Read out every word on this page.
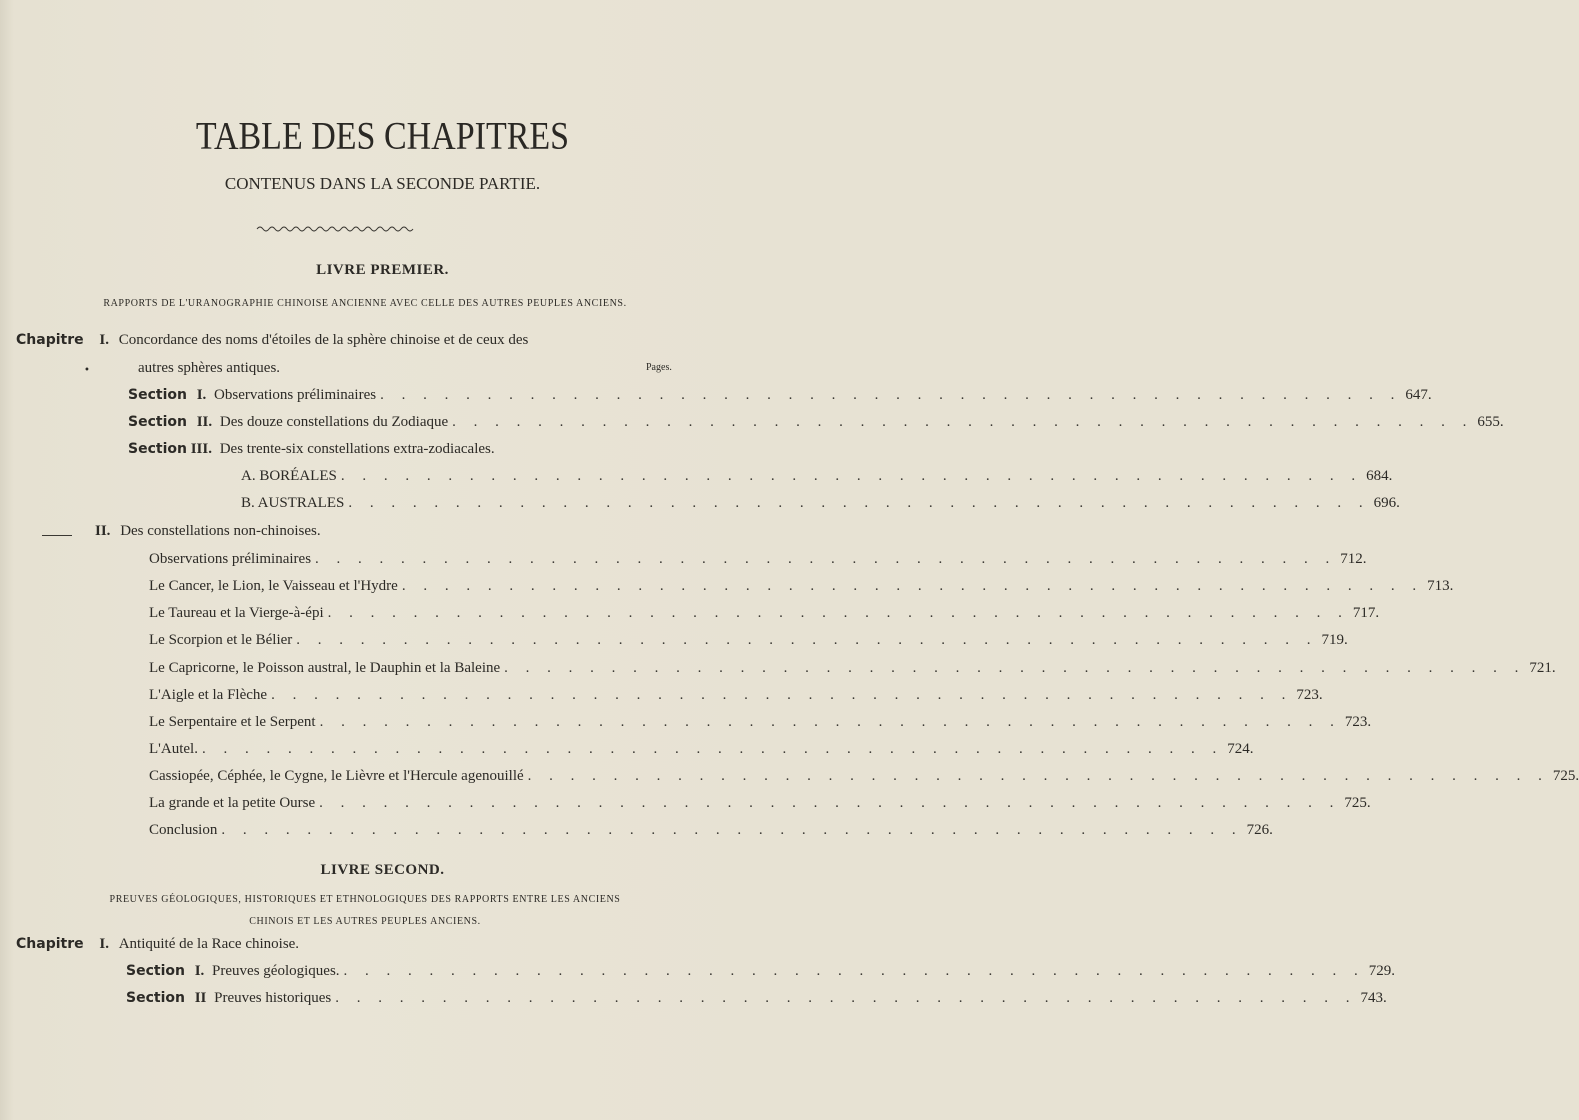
TABLE DES CHAPITRES
CONTENUS DANS LA SECONDE PARTIE.
LIVRE PREMIER.
RAPPORTS DE L'URANOGRAPHIE CHINOISE ANCIENNE AVEC CELLE DES AUTRES PEUPLES ANCIENS.
Chapitre I. Concordance des noms d'étoiles de la sphère chinoise et de ceux des
autres sphères antiques.
•	Pages.
Section I. Observations préliminaires . . . . . . . . . . . . . . . . . . . . . . . . . . . . . . . . . . . . . . . . . . . . . . . . 647.
Section II. Des douze constellations du Zodiaque . . . . . . . . . . . . . . . . . . . . . . . . . . . . . . . . . . . . . . . . . . . . . . . . 655.
Section III. Des trente-six constellations extra-zodiacales.
A. BORÉALES . . . . . . . . . . . . . . . . . . . . . . . . . . . . . . . . . . . . . . . . . . . . . . . . 684.
B. AUSTRALES . . . . . . . . . . . . . . . . . . . . . . . . . . . . . . . . . . . . . . . . . . . . . . . . 696.
II. Des constellations non-chinoises.
Observations préliminaires . . . . . . . . . . . . . . . . . . . . . . . . . . . . . . . . . . . . . . . . . . . . . . . . 712.
Le Cancer, le Lion, le Vaisseau et l'Hydre . . . . . . . . . . . . . . . . . . . . . . . . . . . . . . . . . . . . . . . . . . . . . . . . 713.
Le Taureau et la Vierge-à-épi . . . . . . . . . . . . . . . . . . . . . . . . . . . . . . . . . . . . . . . . . . . . . . . . 717.
Le Scorpion et le Bélier . . . . . . . . . . . . . . . . . . . . . . . . . . . . . . . . . . . . . . . . . . . . . . . . 719.
Le Capricorne, le Poisson austral, le Dauphin et la Baleine . . . . . . . . . . . . . . . . . . . . . . . . . . . . . . . . . . . . . . . . . . . . . . . . 721.
L'Aigle et la Flèche . . . . . . . . . . . . . . . . . . . . . . . . . . . . . . . . . . . . . . . . . . . . . . . . 723.
Le Serpentaire et le Serpent . . . . . . . . . . . . . . . . . . . . . . . . . . . . . . . . . . . . . . . . . . . . . . . . 723.
L'Autel. . . . . . . . . . . . . . . . . . . . . . . . . . . . . . . . . . . . . . . . . . . . . . . . . 724.
Cassiopée, Céphée, le Cygne, le Lièvre et l'Hercule agenouillé . . . . . . . . . . . . . . . . . . . . . . . . . . . . . . . . . . . . . . . . . . . . . . . . 725.
La grande et la petite Ourse . . . . . . . . . . . . . . . . . . . . . . . . . . . . . . . . . . . . . . . . . . . . . . . . 725.
Conclusion . . . . . . . . . . . . . . . . . . . . . . . . . . . . . . . . . . . . . . . . . . . . . . . . 726.
LIVRE SECOND.
PREUVES GÉOLOGIQUES, HISTORIQUES ET ETHNOLOGIQUES DES RAPPORTS ENTRE LES ANCIENS
CHINOIS ET LES AUTRES PEUPLES ANCIENS.
Chapitre I. Antiquité de la Race chinoise.
Section I. Preuves géologiques. . . . . . . . . . . . . . . . . . . . . . . . . . . . . . . . . . . . . . . . . . . . . . . . . 729.
Section II Preuves historiques . . . . . . . . . . . . . . . . . . . . . . . . . . . . . . . . . . . . . . . . . . . . . . . . 743.
